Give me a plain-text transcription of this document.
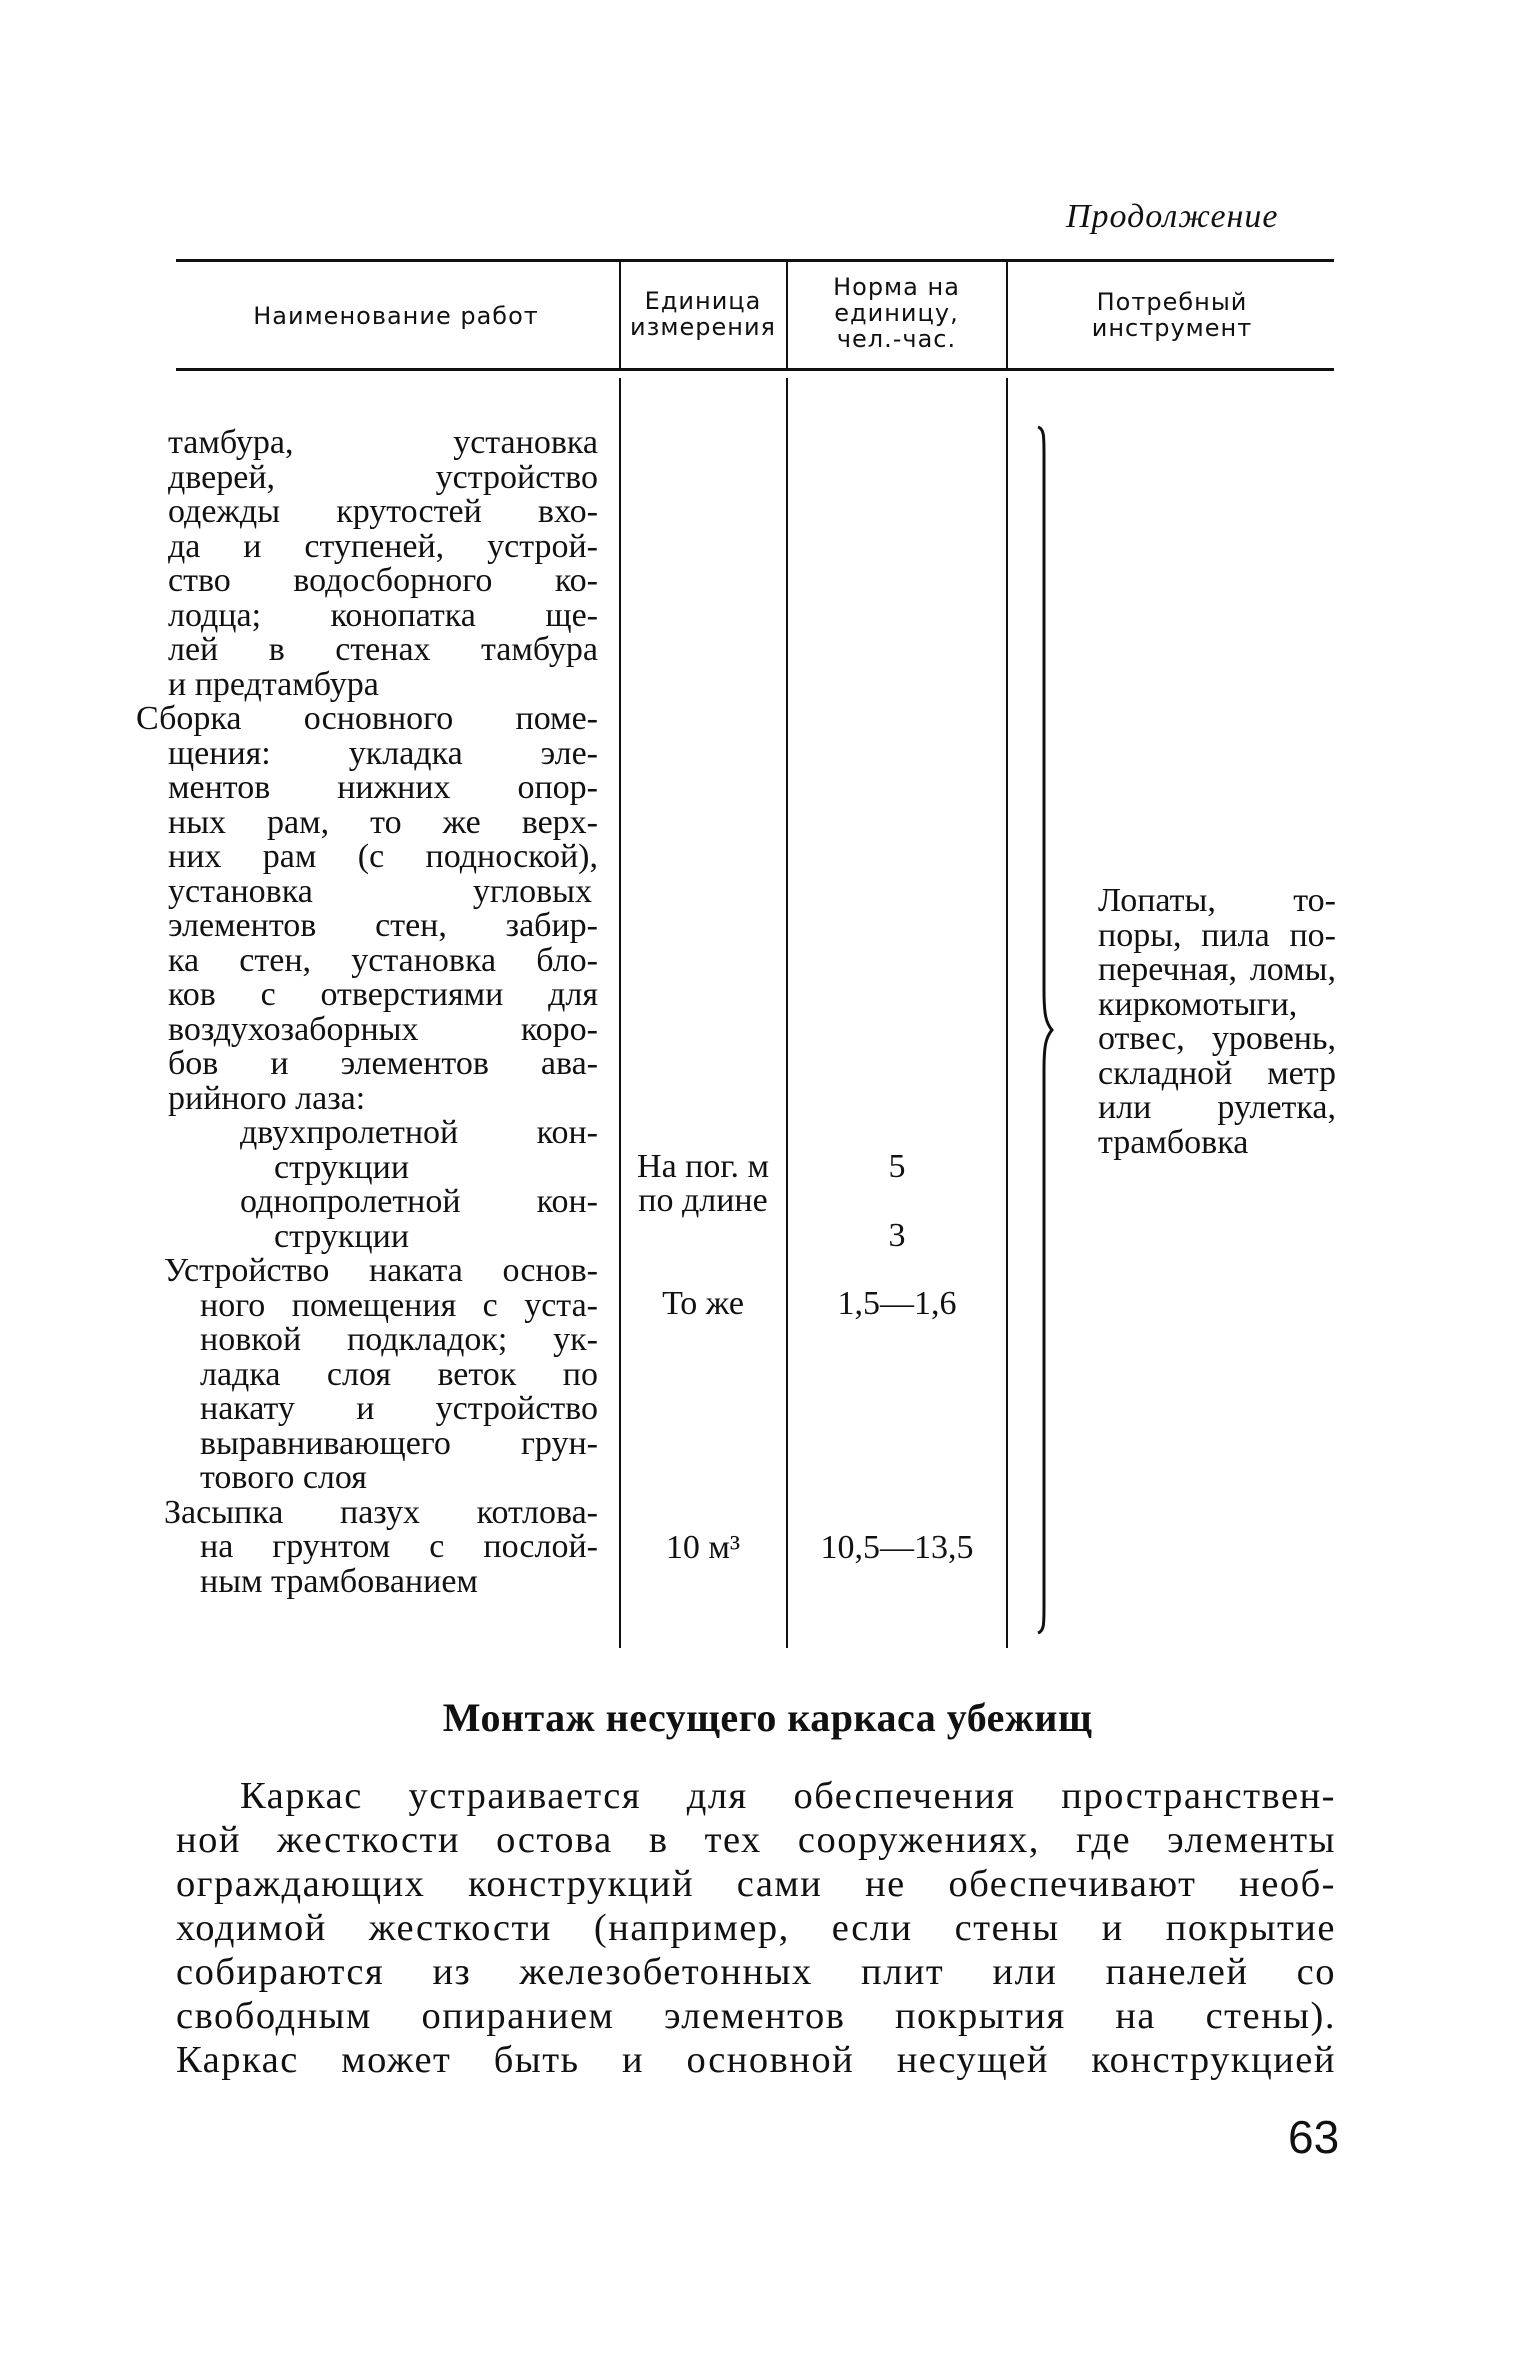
Продолжение
Наименование работ
Единица
измерения
Норма на
единицу,
чел.-час.
Потребный
инструмент
тамбура, установка
дверей, устройство
одежды крутостей вхо-
да и ступеней, устрой-
ство водосборного ко-
лодца; конопатка ще-
лей в стенах тамбура
и предтамбура
Сборка основного поме-
щения: укладка эле-
ментов нижних опор-
ных рам, то же верх-
них рам (с подноской),
установка угловых
элементов стен, забир-
ка стен, установка бло-
ков с отверстиями для
воздухозаборных коро-
бов и элементов ава-
рийного лаза:
двухпролетной кон-
струкции
однопролетной кон-
струкции
Устройство наката основ-
ного помещения с уста-
новкой подкладок; ук-
ладка слоя веток по
накату и устройство
выравнивающего грун-
тового слоя
Засыпка пазух котлова-
на грунтом с послой-
ным трамбованием
На пог. м
по длине
То же
10 м³
5
3
1,5—1,6
10,5—13,5
Лопаты, то-
поры, пила по-
перечная, ломы,
киркомотыги,
отвес, уровень,
складной метр
или рулетка,
трамбовка
Монтаж несущего каркаса убежищ
Каркас устраивается для обеспечения пространствен-
ной жесткости остова в тех сооружениях, где элементы
ограждающих конструкций сами не обеспечивают необ-
ходимой жесткости (например, если стены и покрытие
собираются из железобетонных плит или панелей со
свободным опиранием элементов покрытия на стены).
Каркас может быть и основной несущей конструкцией
63
